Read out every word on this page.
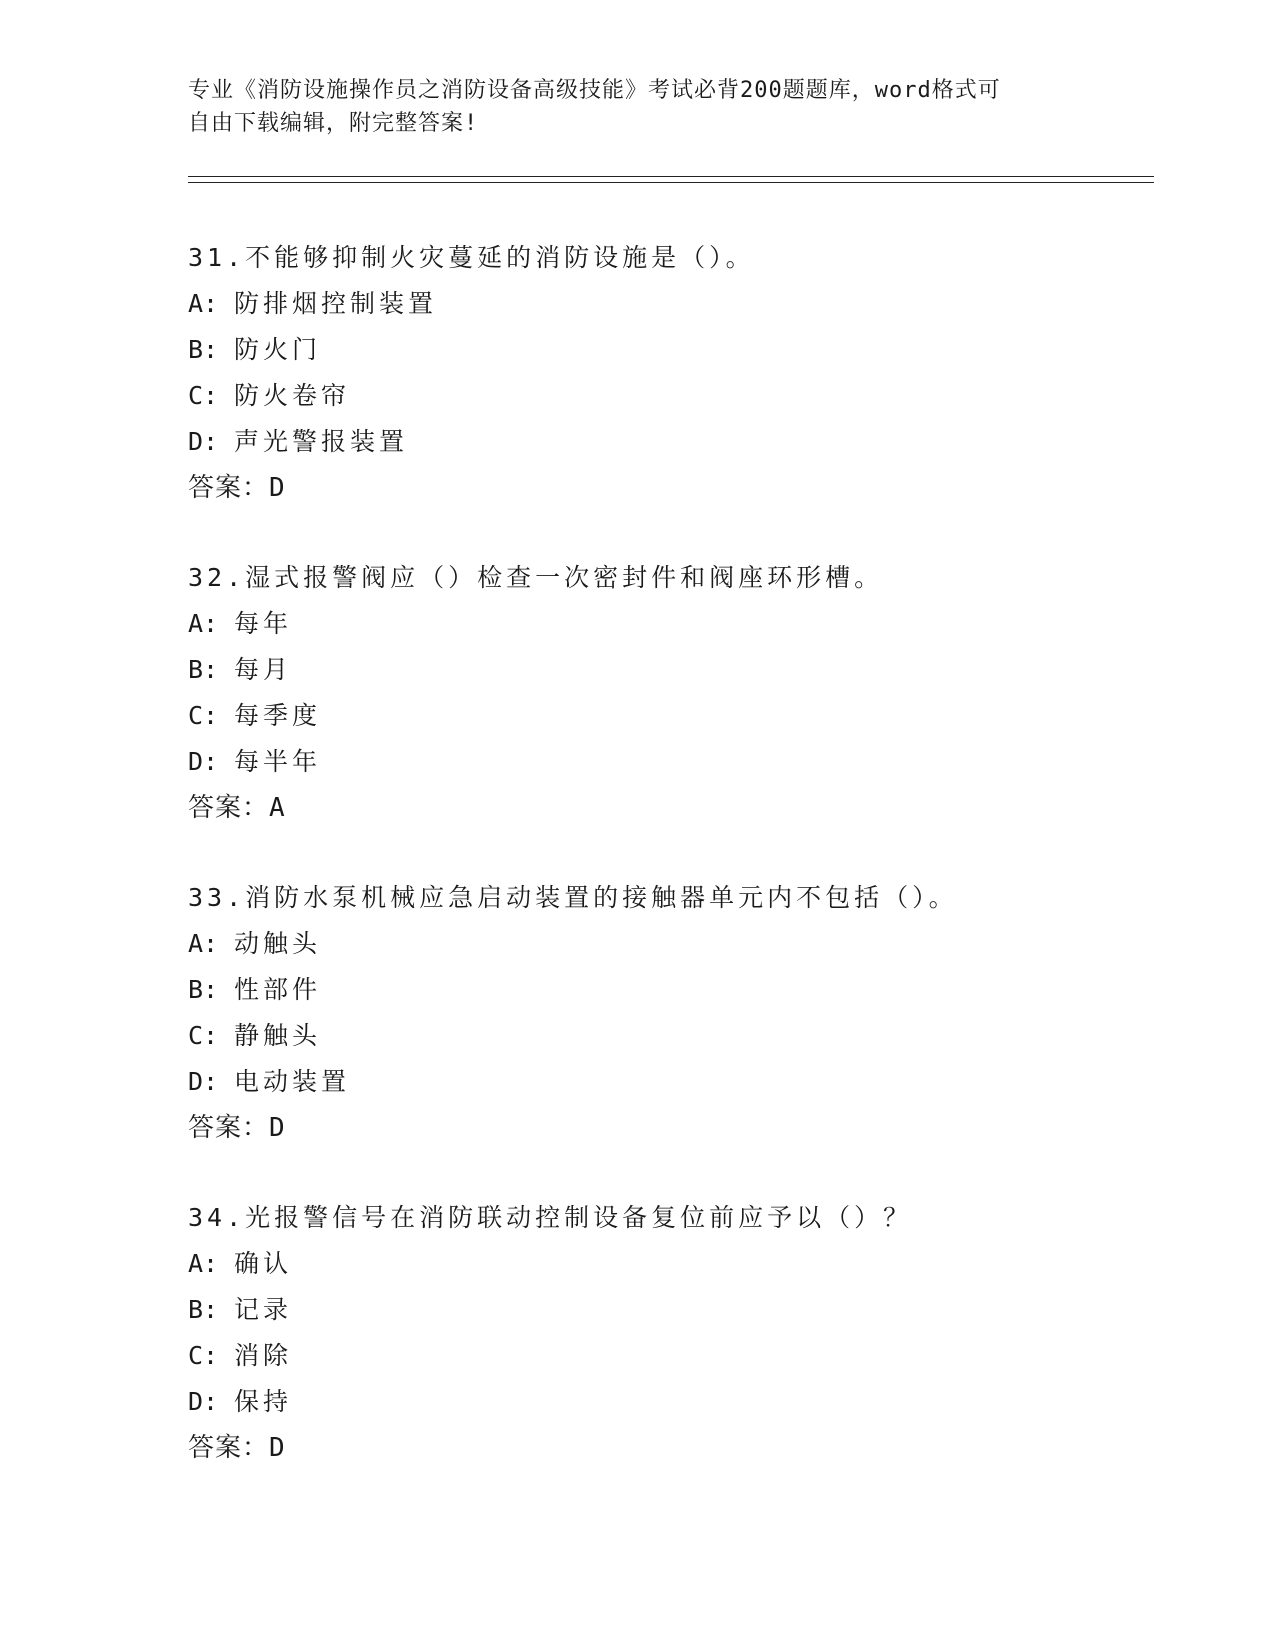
专业《消防设施操作员之消防设备高级技能》考试必背200题题库，word格式可
自由下载编辑，附完整答案!
31.不能够抑制火灾蔓延的消防设施是（）。
A: 防排烟控制装置
B: 防火门
C: 防火卷帘
D: 声光警报装置
答案：D
32.湿式报警阀应（）检查一次密封件和阀座环形槽。
A: 每年
B: 每月
C: 每季度
D: 每半年
答案：A
33.消防水泵机械应急启动装置的接触器单元内不包括（）。
A: 动触头
B: 性部件
C: 静触头
D: 电动装置
答案：D
34.光报警信号在消防联动控制设备复位前应予以（）？
A: 确认
B: 记录
C: 消除
D: 保持
答案：D
